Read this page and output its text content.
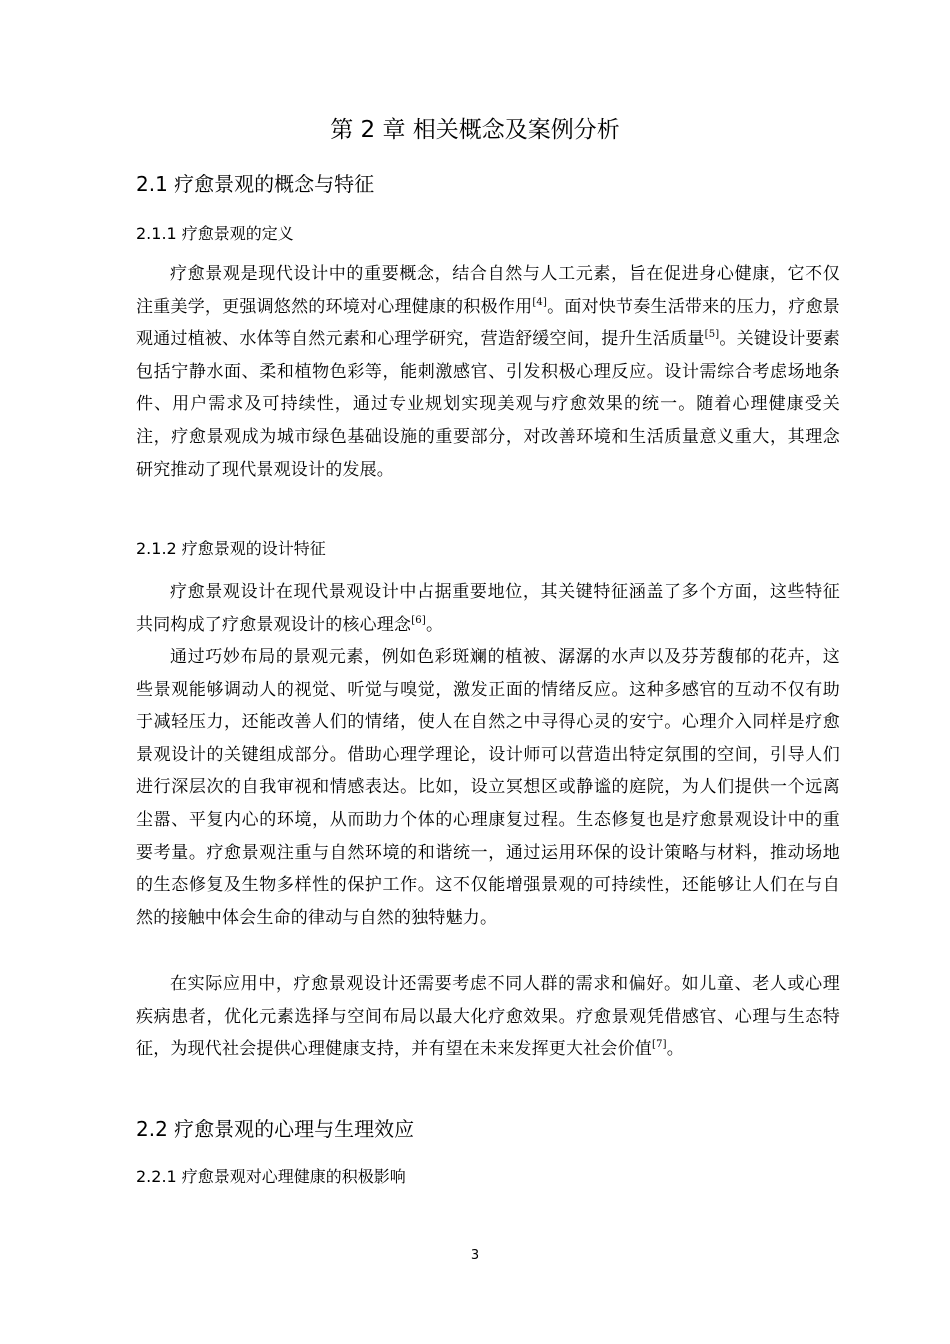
第 2 章 相关概念及案例分析
2.1 疗愈景观的概念与特征
2.1.1 疗愈景观的定义

疗愈景观是现代设计中的重要概念，结合自然与人工元素，旨在促进身心健康，它不仅注重美学，更强调悠然的环境对心理健康的积极作用[4]。面对快节奏生活带来的压力，疗愈景观通过植被、水体等自然元素和心理学研究，营造舒缓空间，提升生活质量[5]。关键设计要素包括宁静水面、柔和植物色彩等，能刺激感官、引发积极心理反应。设计需综合考虑场地条件、用户需求及可持续性，通过专业规划实现美观与疗愈效果的统一。随着心理健康受关注，疗愈景观成为城市绿色基础设施的重要部分，对改善环境和生活质量意义重大，其理念研究推动了现代景观设计的发展。

2.1.2 疗愈景观的设计特征

疗愈景观设计在现代景观设计中占据重要地位，其关键特征涵盖了多个方面，这些特征共同构成了疗愈景观设计的核心理念[6]。

通过巧妙布局的景观元素，例如色彩斑斓的植被、潺潺的水声以及芬芳馥郁的花卉，这些景观能够调动人的视觉、听觉与嗅觉，激发正面的情绪反应。这种多感官的互动不仅有助于减轻压力，还能改善人们的情绪，使人在自然之中寻得心灵的安宁。心理介入同样是疗愈景观设计的关键组成部分。借助心理学理论，设计师可以营造出特定氛围的空间，引导人们进行深层次的自我审视和情感表达。比如，设立冥想区或静谧的庭院，为人们提供一个远离尘嚣、平复内心的环境，从而助力个体的心理康复过程。生态修复也是疗愈景观设计中的重要考量。疗愈景观注重与自然环境的和谐统一，通过运用环保的设计策略与材料，推动场地的生态修复及生物多样性的保护工作。这不仅能增强景观的可持续性，还能够让人们在与自然的接触中体会生命的律动与自然的独特魅力。

在实际应用中，疗愈景观设计还需要考虑不同人群的需求和偏好。如儿童、老人或心理疾病患者，优化元素选择与空间布局以最大化疗愈效果。疗愈景观凭借感官、心理与生态特征，为现代社会提供心理健康支持，并有望在未来发挥更大社会价值[7]。

2.2 疗愈景观的心理与生理效应
2.2.1 疗愈景观对心理健康的积极影响
3
